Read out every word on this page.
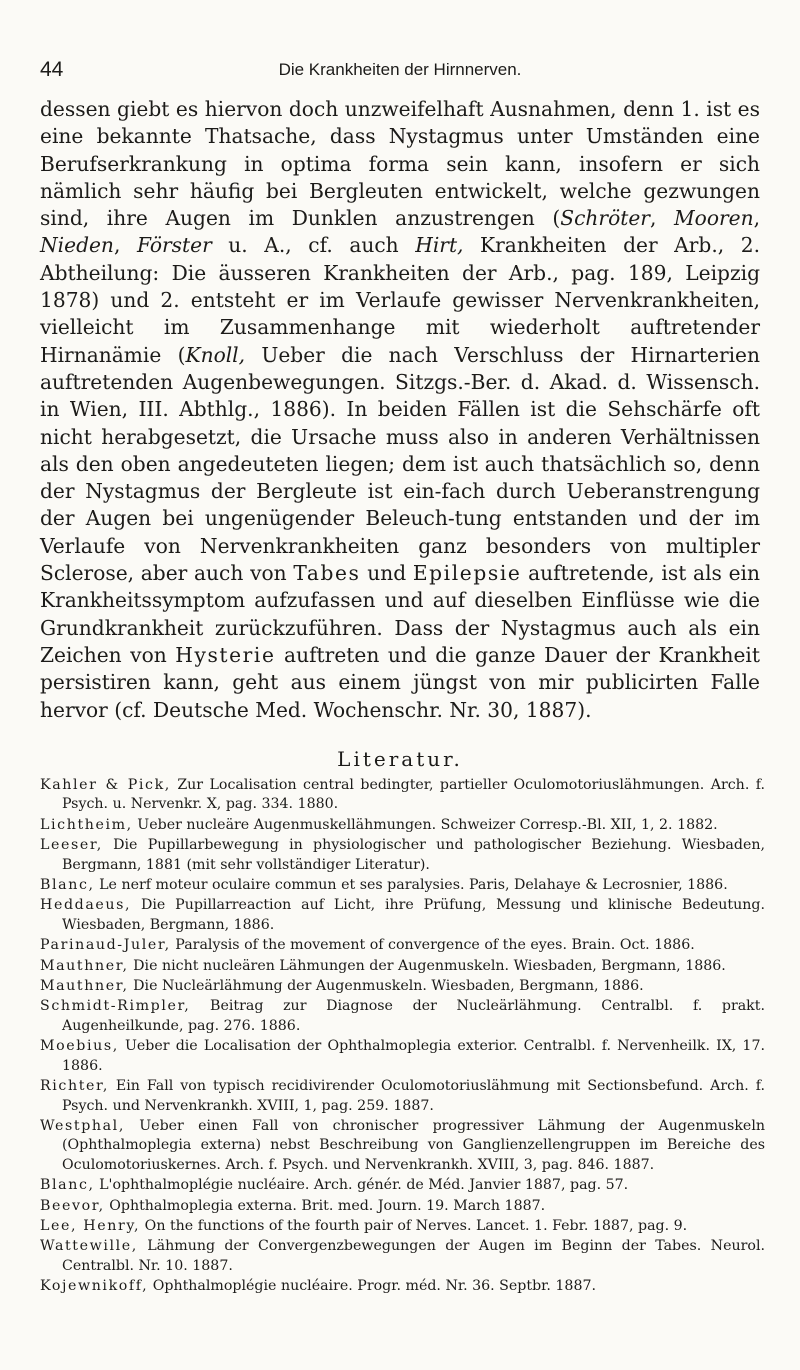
44	Die Krankheiten der Hirnnerven.

dessen giebt es hiervon doch unzweifelhaft Ausnahmen, denn 1. ist es eine bekannte Thatsache, dass Nystagmus unter Umständen eine Berufserkrankung in optima forma sein kann, insofern er sich nämlich sehr häufig bei Bergleuten entwickelt, welche gezwungen sind, ihre Augen im Dunklen anzustrengen (Schröter, Mooren, Nieden, Förster u. A., cf. auch Hirt, Krankheiten der Arb., 2. Abtheilung: Die äusseren Krankheiten der Arb., pag. 189, Leipzig 1878) und 2. entsteht er im Verlaufe gewisser Nervenkrankheiten, vielleicht im Zusammenhange mit wiederholt auftretender Hirnanämie (Knoll, Ueber die nach Verschluss der Hirnarterien auftretenden Augenbewegungen. Sitzgs.-Ber. d. Akad. d. Wissensch. in Wien, III. Abthlg., 1886). In beiden Fällen ist die Sehschärfe oft nicht herabgesetzt, die Ursache muss also in anderen Verhältnissen als den oben angedeuteten liegen; dem ist auch thatsächlich so, denn der Nystagmus der Bergleute ist ein-fach durch Ueberanstrengung der Augen bei ungenügender Beleuch-tung entstanden und der im Verlaufe von Nervenkrankheiten ganz besonders von multipler Sclerose, aber auch von Tabes und Epilepsie auftretende, ist als ein Krankheitssymptom aufzufassen und auf dieselben Einflüsse wie die Grundkrankheit zurückzuführen. Dass der Nystagmus auch als ein Zeichen von Hysterie auftreten und die ganze Dauer der Krankheit persistiren kann, geht aus einem jüngst von mir publicirten Falle hervor (cf. Deutsche Med. Wochenschr. Nr. 30, 1887).

Literatur.

Kahler & Pick, Zur Localisation central bedingter, partieller Oculomotoriuslähmungen. Arch. f. Psych. u. Nervenkr. X, pag. 334. 1880.

Lichtheim, Ueber nucleäre Augenmuskellähmungen. Schweizer Corresp.-Bl. XII, 1, 2. 1882.

Leeser, Die Pupillarbewegung in physiologischer und pathologischer Beziehung. Wiesbaden, Bergmann, 1881 (mit sehr vollständiger Literatur).

Blanc, Le nerf moteur oculaire commun et ses paralysies. Paris, Delahaye & Lecrosnier, 1886.

Heddaeus, Die Pupillarreaction auf Licht, ihre Prüfung, Messung und klinische Bedeutung. Wiesbaden, Bergmann, 1886.

Parinaud-Juler, Paralysis of the movement of convergence of the eyes. Brain. Oct. 1886.

Mauthner, Die nicht nucleären Lähmungen der Augenmuskeln. Wiesbaden, Bergmann, 1886.

Mauthner, Die Nucleärlähmung der Augenmuskeln. Wiesbaden, Bergmann, 1886.

Schmidt-Rimpler, Beitrag zur Diagnose der Nucleärlähmung. Centralbl. f. prakt. Augenheilkunde, pag. 276. 1886.

Moebius, Ueber die Localisation der Ophthalmoplegia exterior. Centralbl. f. Nervenheilk. IX, 17. 1886.

Richter, Ein Fall von typisch recidivirender Oculomotoriuslähmung mit Sectionsbefund. Arch. f. Psych. und Nervenkrankh. XVIII, 1, pag. 259. 1887.

Westphal, Ueber einen Fall von chronischer progressiver Lähmung der Augenmuskeln (Ophthalmoplegia externa) nebst Beschreibung von Ganglienzellengruppen im Bereiche des Oculomotoriuskernes. Arch. f. Psych. und Nervenkrankh. XVIII, 3, pag. 846. 1887.

Blanc, L'ophthalmoplégie nucléaire. Arch. génér. de Méd. Janvier 1887, pag. 57.

Beevor, Ophthalmoplegia externa. Brit. med. Journ. 19. March 1887.

Lee, Henry, On the functions of the fourth pair of Nerves. Lancet. 1. Febr. 1887, pag. 9.

Wattewille, Lähmung der Convergenzbewegungen der Augen im Beginn der Tabes. Neurol. Centralbl. Nr. 10. 1887.

Kojewnikoff, Ophthalmoplégie nucléaire. Progr. méd. Nr. 36. Septbr. 1887.
